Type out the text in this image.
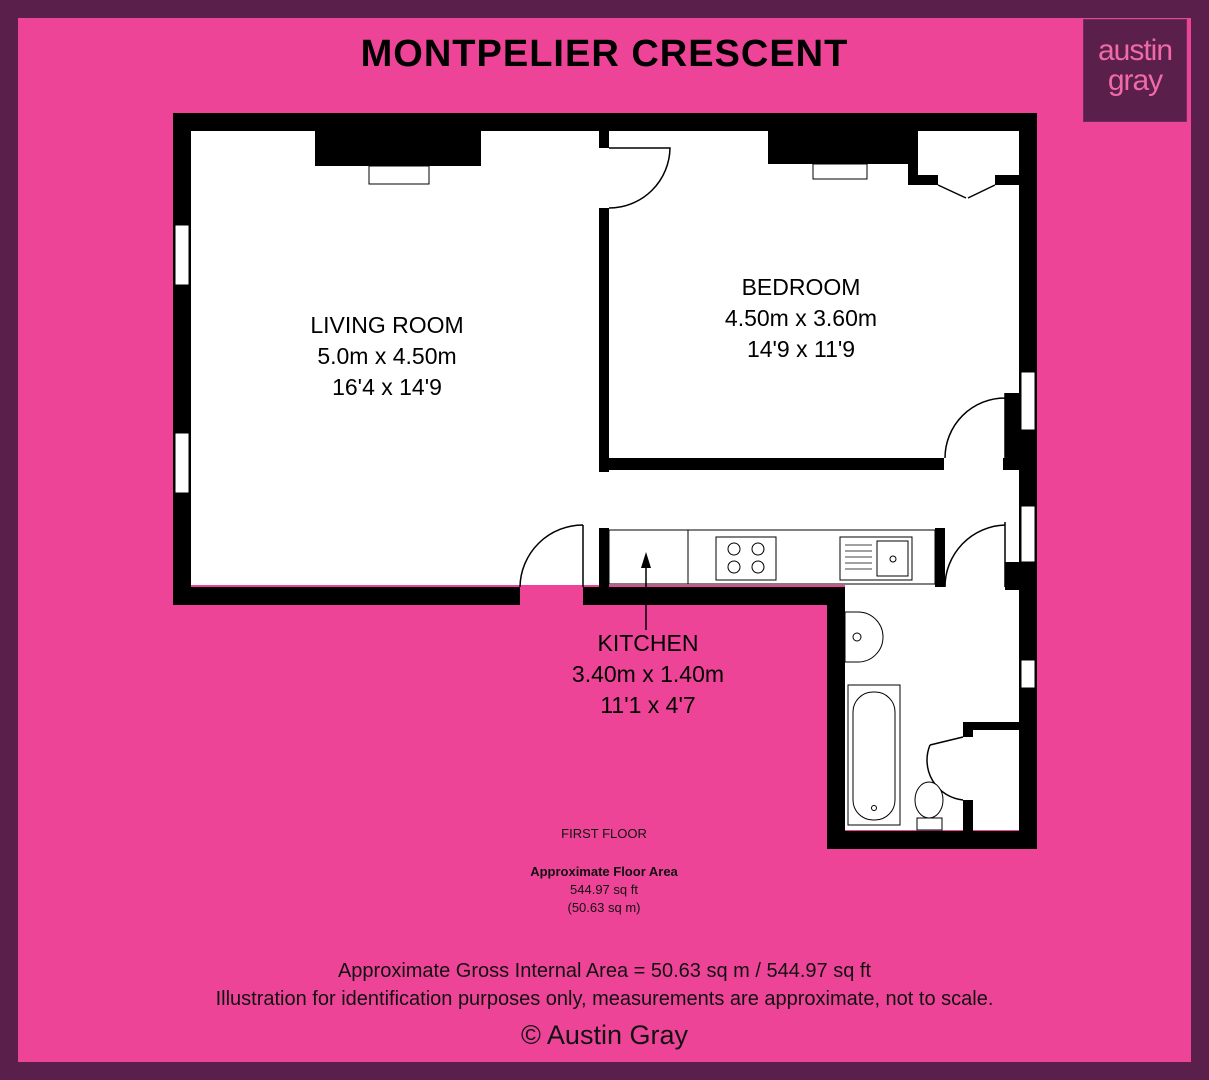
MONTPELIER CRESCENT	austin
gray
LIVING ROOM
5.0m x 4.50m
16'4 x 14'9
BEDROOM
4.50m x 3.60m
14'9 x 11'9
KITCHEN
3.40m x 1.40m
11'1 x 4'7
FIRST FLOOR
Approximate Floor Area
544.97 sq ft
(50.63 sq m)
Approximate Gross Internal Area = 50.63 sq m / 544.97 sq ft
Illustration for identification purposes only, measurements are approximate, not to scale.
© Austin Gray
